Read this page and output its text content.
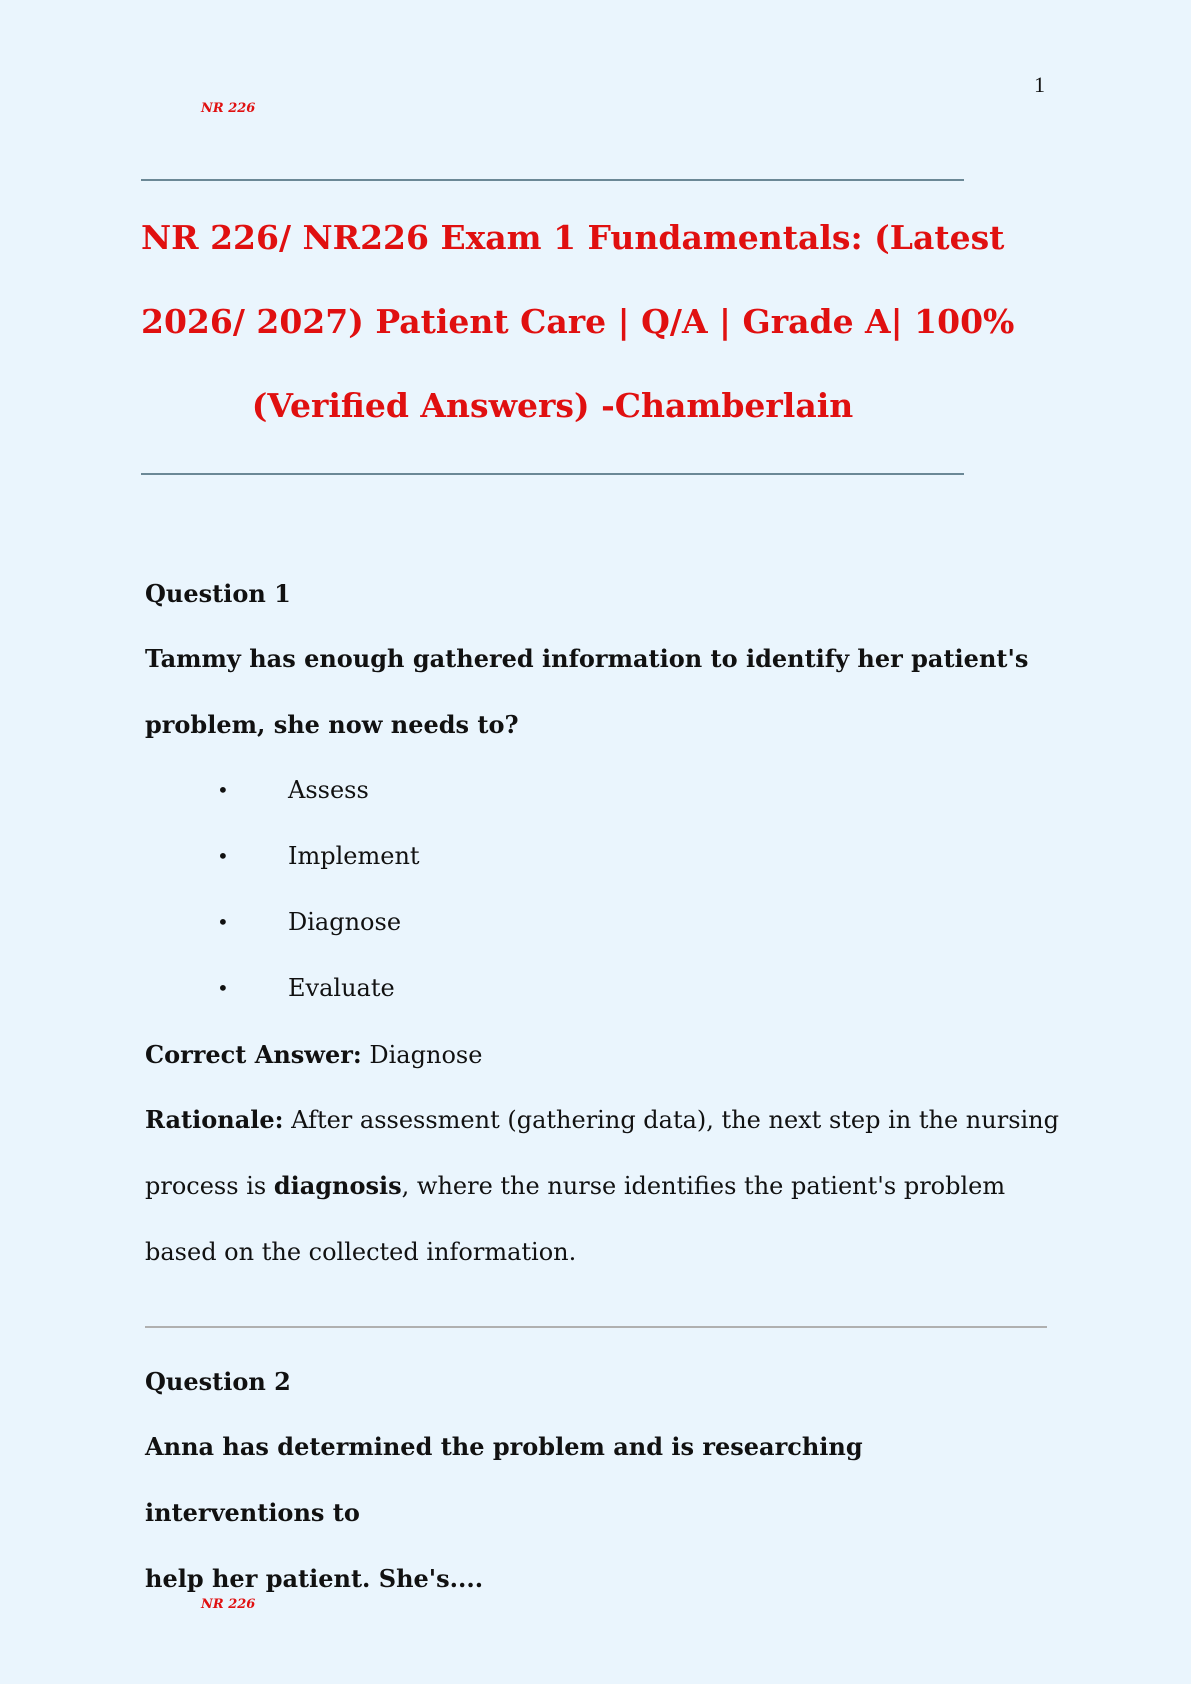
NR 226
1
NR 226/ NR226 Exam 1 Fundamentals: (Latest
2026/ 2027) Patient Care | Q/A | Grade A| 100%
(Verified Answers) -Chamberlain
Question 1
Tammy has enough gathered information to identify her patient's
problem, she now needs to?
•	Assess
•	Implement
•	Diagnose
•	Evaluate
Correct Answer: Diagnose
Rationale: After assessment (gathering data), the next step in the nursing
process is diagnosis, where the nurse identifies the patient's problem
based on the collected information.
Question 2
Anna has determined the problem and is researching interventions to
help her patient. She's....
NR 226
